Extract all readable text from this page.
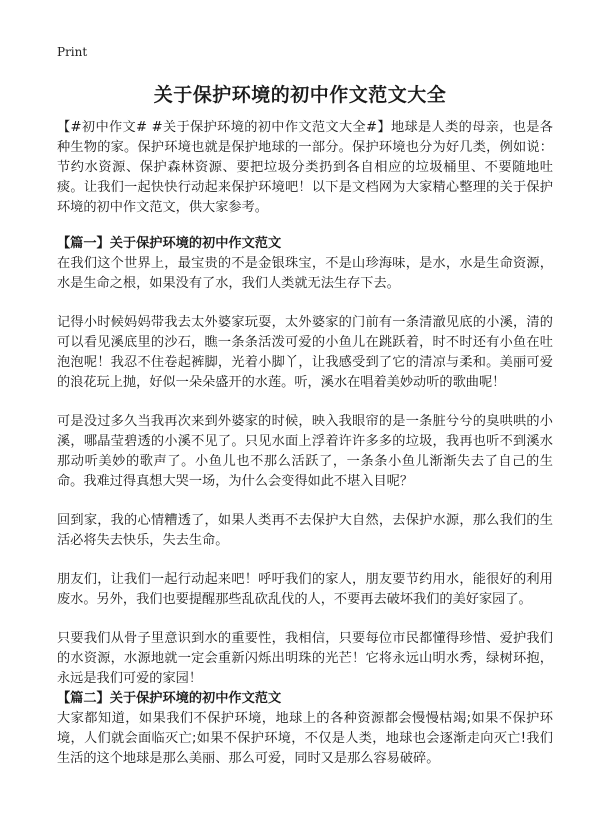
Print
关于保护环境的初中作文范文大全

【#初中作文# #关于保护环境的初中作文范文大全#】地球是人类的母亲，也是各种生物的家。保护环境也就是保护地球的一部分。保护环境也分为好几类，例如说：节约水资源、保护森林资源、要把垃圾分类扔到各自相应的垃圾桶里、不要随地吐痰。让我们一起快快行动起来保护环境吧！以下是文档网为大家精心整理的关于保护环境的初中作文范文，供大家参考。

【篇一】关于保护环境的初中作文范文

在我们这个世界上，最宝贵的不是金银珠宝，不是山珍海味，是水，水是生命资源，水是生命之根，如果没有了水，我们人类就无法生存下去。

记得小时候妈妈带我去太外婆家玩耍，太外婆家的门前有一条清澈见底的小溪，清的可以看见溪底里的沙石，瞧一条条活泼可爱的小鱼儿在跳跃着，时不时还有小鱼在吐泡泡呢！我忍不住卷起裤脚，光着小脚丫，让我感受到了它的清凉与柔和。美丽可爱的浪花玩上抛，好似一朵朵盛开的水莲。听，溪水在唱着美妙动听的歌曲呢！

可是没过多久当我再次来到外婆家的时候，映入我眼帘的是一条脏兮兮的臭哄哄的小溪，哪晶莹碧透的小溪不见了。只见水面上浮着许许多多的垃圾，我再也听不到溪水那动听美妙的歌声了。小鱼儿也不那么活跃了，一条条小鱼儿渐渐失去了自己的生命。我难过得真想大哭一场，为什么会变得如此不堪入目呢？

回到家，我的心情糟透了，如果人类再不去保护大自然，去保护水源，那么我们的生活必将失去快乐，失去生命。

朋友们，让我们一起行动起来吧！呼吁我们的家人，朋友要节约用水，能很好的利用废水。另外，我们也要提醒那些乱砍乱伐的人，不要再去破坏我们的美好家园了。

只要我们从骨子里意识到水的重要性，我相信，只要每位市民都懂得珍惜、爱护我们的水资源，水源地就一定会重新闪烁出明珠的光芒！它将永远山明水秀，绿树环抱，永远是我们可爱的家园！

【篇二】关于保护环境的初中作文范文

大家都知道，如果我们不保护环境，地球上的各种资源都会慢慢枯竭;如果不保护环境，人们就会面临灭亡;如果不保护环境，不仅是人类，地球也会逐渐走向灭亡!我们生活的这个地球是那么美丽、那么可爱，同时又是那么容易破碎。
